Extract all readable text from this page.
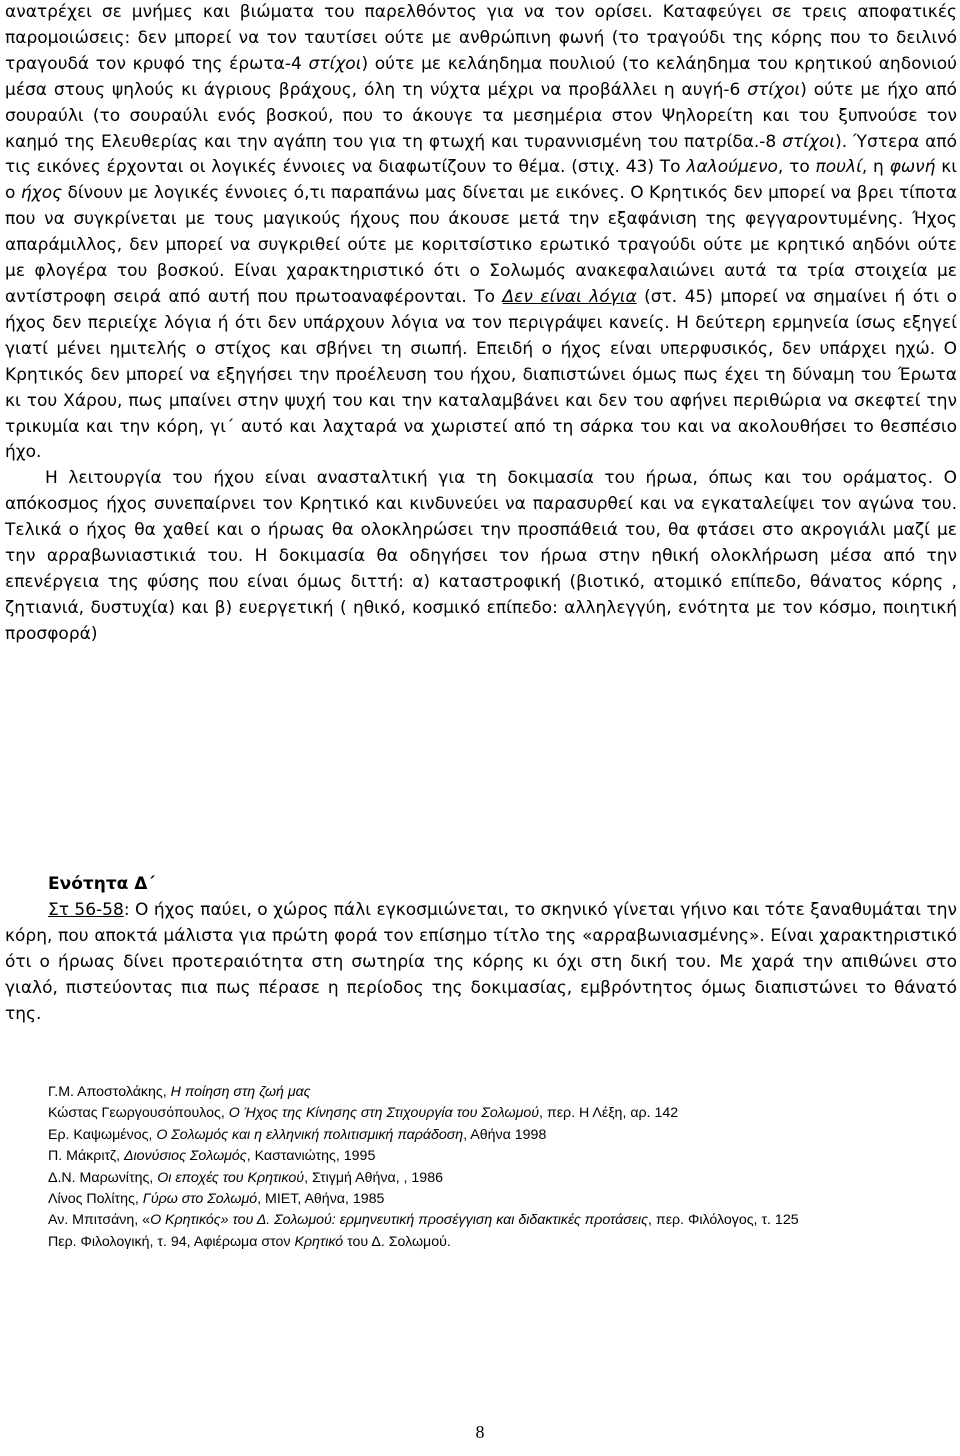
ανατρέχει σε μνήμες και βιώματα του παρελθόντος για να τον ορίσει. Καταφεύγει σε τρεις αποφατικές παρομοιώσεις: δεν μπορεί να τον ταυτίσει ούτε με ανθρώπινη φωνή (το τραγούδι της κόρης που το δειλινό τραγουδά τον κρυφό της έρωτα-4 στίχοι) ούτε με κελάηδημα πουλιού (το κελάηδημα του κρητικού αηδονιού μέσα στους ψηλούς κι άγριους βράχους, όλη τη νύχτα μέχρι να προβάλλει η αυγή-6 στίχοι) ούτε με ήχο από σουραύλι (το σουραύλι ενός βοσκού, που το άκουγε τα μεσημέρια στον Ψηλορείτη και του ξυπνούσε τον καημό της Ελευθερίας και την αγάπη του για τη φτωχή και τυραννισμένη του πατρίδα.-8 στίχοι). Ύστερα από τις εικόνες έρχονται οι λογικές έννοιες να διαφωτίζουν το θέμα. (στιχ. 43) Το λαλούμενο, το πουλί, η φωνή κι ο ήχος δίνουν με λογικές έννοιες ό,τι παραπάνω μας δίνεται με εικόνες. Ο Κρητικός δεν μπορεί να βρει τίποτα που να συγκρίνεται με τους μαγικούς ήχους που άκουσε μετά την εξαφάνιση της φεγγαροντυμένης. Ήχος απαράμιλλος, δεν μπορεί να συγκριθεί ούτε με κοριτσίστικο ερωτικό τραγούδι ούτε με κρητικό αηδόνι ούτε με φλογέρα του βοσκού. Είναι χαρακτηριστικό ότι ο Σολωμός ανακεφαλαιώνει αυτά τα τρία στοιχεία με αντίστροφη σειρά από αυτή που πρωτοαναφέρονται. Το Δεν είναι λόγια (στ. 45) μπορεί να σημαίνει ή ότι ο ήχος δεν περιείχε λόγια ή ότι δεν υπάρχουν λόγια να τον περιγράψει κανείς. Η δεύτερη ερμηνεία ίσως εξηγεί γιατί μένει ημιτελής ο στίχος και σβήνει τη σιωπή. Επειδή ο ήχος είναι υπερφυσικός, δεν υπάρχει ηχώ. Ο Κρητικός δεν μπορεί να εξηγήσει την προέλευση του ήχου, διαπιστώνει όμως πως έχει τη δύναμη του Έρωτα κι του Χάρου, πως μπαίνει στην ψυχή του και την καταλαμβάνει και δεν του αφήνει περιθώρια να σκεφτεί την τρικυμία και την κόρη, γι΄ αυτό και λαχταρά να χωριστεί από τη σάρκα του και να ακολουθήσει το θεσπέσιο ήχο.

Η λειτουργία του ήχου είναι ανασταλτική για τη δοκιμασία του ήρωα, όπως και του οράματος. Ο απόκοσμος ήχος συνεπαίρνει τον Κρητικό και κινδυνεύει να παρασυρθεί και να εγκαταλείψει τον αγώνα του. Τελικά ο ήχος θα χαθεί και ο ήρωας θα ολοκληρώσει την προσπάθειά του, θα φτάσει στο ακρογιάλι μαζί με την αρραβωνιαστικιά του. Η δοκιμασία θα οδηγήσει τον ήρωα στην ηθική ολοκλήρωση μέσα από την επενέργεια της φύσης που είναι όμως διττή: α) καταστροφική (βιοτικό, ατομικό επίπεδο, θάνατος κόρης , ζητιανιά, δυστυχία) και β) ευεργετική ( ηθικό, κοσμικό επίπεδο: αλληλεγγύη, ενότητα με τον κόσμο, ποιητική προσφορά)

Ενότητα Δ΄

Στ 56-58: Ο ήχος παύει, ο χώρος πάλι εγκοσμιώνεται, το σκηνικό γίνεται γήινο και τότε ξαναθυμάται την κόρη, που αποκτά μάλιστα για πρώτη φορά τον επίσημο τίτλο της «αρραβωνιασμένης». Είναι χαρακτηριστικό ότι ο ήρωας δίνει προτεραιότητα στη σωτηρία της κόρης κι όχι στη δική του. Με χαρά την απιθώνει στο γιαλό, πιστεύοντας πια πως πέρασε η περίοδος της δοκιμασίας, εμβρόντητος όμως διαπιστώνει το θάνατό της.

Γ.Μ. Αποστολάκης, Η ποίηση στη ζωή μας
Κώστας Γεωργουσόπουλος, Ο Ήχος της Κίνησης στη Στιχουργία του Σολωμού, περ. Η Λέξη, αρ. 142
Ερ. Καψωμένος, Ο Σολωμός και η ελληνική πολιτισμική παράδοση, Αθήνα 1998
Π. Μάκριτζ, Διονύσιος Σολωμός, Καστανιώτης, 1995
Δ.Ν. Μαρωνίτης, Οι εποχές του Κρητικού, Στιγμή Αθήνα, , 1986
Λίνος Πολίτης, Γύρω στο Σολωμό, ΜΙΕΤ, Αθήνα, 1985
Αν. Μπιτσάνη, «Ο Κρητικός» του Δ. Σολωμού: ερμηνευτική προσέγγιση και διδακτικές προτάσεις, περ. Φιλόλογος, τ. 125
Περ. Φιλολογική, τ. 94, Αφιέρωμα στον Κρητικό του Δ. Σολωμού.
8
